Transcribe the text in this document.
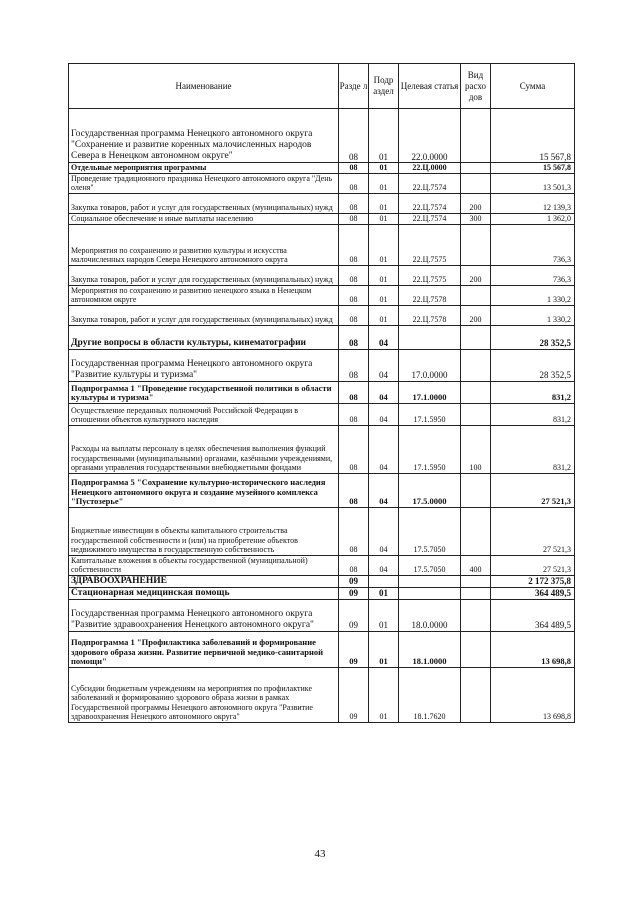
Наименование	Разде л	Подр аздел	Целевая статья	Вид расхо дов	Сумма
Государственная программа Ненецкого автономного округа "Сохранение и развитие коренных малочисленных народов Севера в Ненецком автономном округе"	08	01	22.0.0000		15 567,8
Отдельные мероприятия программы	08	01	22.Ц.0000		15 567,8
Проведение традиционного праздника Ненецкого автономного округа "День оленя"	08	01	22.Ц.7574		13 501,3
Закупка товаров, работ и услуг для государственных (муниципальных) нужд	08	01	22.Ц.7574	200	12 139,3
Социальное обеспечение и иные выплаты населению	08	01	22.Ц.7574	300	1 362,0
Мероприятия по сохранению и развитию культуры и искусства малочисленных народов Севера Ненецкого автономного округа	08	01	22.Ц.7575		736,3
Закупка товаров, работ и услуг для государственных (муниципальных) нужд	08	01	22.Ц.7575	200	736,3
Мероприятия по сохранению и развитию ненецкого языка в Ненецком автономном округе	08	01	22.Ц.7578		1 330,2
Закупка товаров, работ и услуг для государственных (муниципальных) нужд	08	01	22.Ц.7578	200	1 330,2
Другие вопросы в области культуры, кинематографии	08	04			28 352,5
Государственная программа Ненецкого автономного округа "Развитие культуры и туризма"	08	04	17.0.0000		28 352,5
Подпрограмма 1 "Проведение государственной политики в области культуры и туризма"	08	04	17.1.0000		831,2
Осуществление переданных полномочий Российской Федерации в отношении объектов культурного наследия	08	04	17.1.5950		831,2
Расходы на выплаты персоналу в целях обеспечения выполнения функций государственными (муниципальными) органами, казёнными учреждениями, органами управления государственными внебюджетными фондами	08	04	17.1.5950	100	831,2
Подпрограмма 5 "Сохранение культурно-исторического наследия Ненецкого автономного округа и создание музейного комплекса "Пустозерье"	08	04	17.5.0000		27 521,3
Бюджетные инвестиции в объекты капитального строительства государственной собственности и (или) на приобретение объектов недвижимого имущества в государственную собственность	08	04	17.5.7050		27 521,3
Капитальные вложения в объекты государственной (муниципальной) собственности	08	04	17.5.7050	400	27 521,3
ЗДРАВООХРАНЕНИЕ	09				2 172 375,8
Стационарная медицинская помощь	09	01			364 489,5
Государственная программа Ненецкого автономного округа "Развитие здравоохранения Ненецкого автономного округа"	09	01	18.0.0000		364 489,5
Подпрограмма 1 "Профилактика заболеваний и формирование здорового образа жизни. Развитие первичной медико-санитарной помощи"	09	01	18.1.0000		13 698,8
Субсидии бюджетным учреждениям на мероприятия по профилактике заболеваний и формированию здорового образа жизни в рамках Государственной программы Ненецкого автономного округа "Развитие здравоохранения Ненецкого автономного округа"	09	01	18.1.7620		13 698,8
43
